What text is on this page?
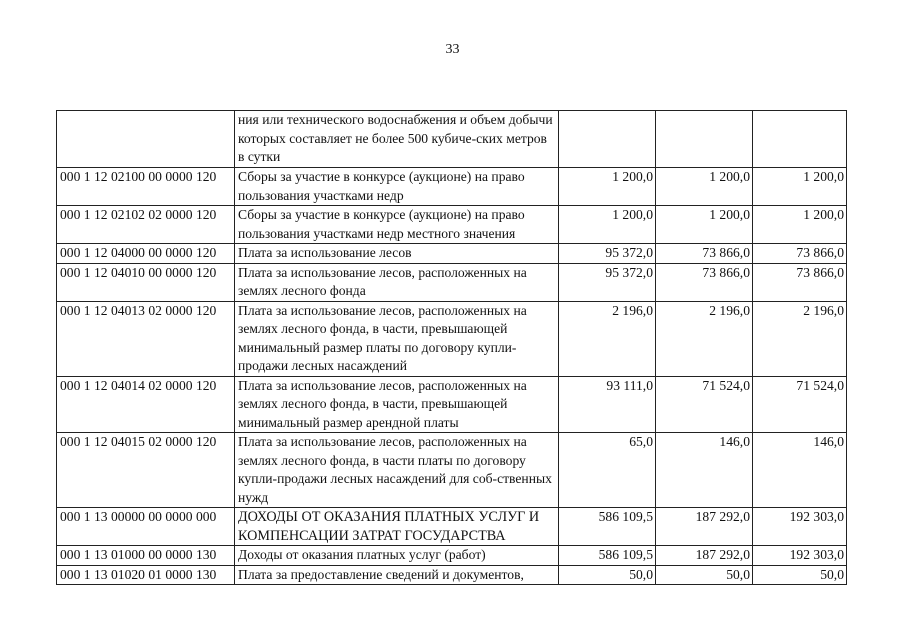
33
	ния или технического водоснабжения и объем добычи которых составляет не более 500 кубиче-ских метров в сутки			
000 1 12 02100 00 0000 120	Сборы за участие в конкурсе (аукционе) на право пользования участками недр	1 200,0	1 200,0	1 200,0
000 1 12 02102 02 0000 120	Сборы за участие в конкурсе (аукционе) на право пользования участками недр местного значения	1 200,0	1 200,0	1 200,0
000 1 12 04000 00 0000 120	Плата за использование лесов	95 372,0	73 866,0	73 866,0
000 1 12 04010 00 0000 120	Плата за использование лесов, расположенных на землях лесного фонда	95 372,0	73 866,0	73 866,0
000 1 12 04013 02 0000 120	Плата за использование лесов, расположенных на землях лесного фонда, в части, превышающей минимальный размер платы по договору купли-продажи лесных насаждений	2 196,0	2 196,0	2 196,0
000 1 12 04014 02 0000 120	Плата за использование лесов, расположенных на землях лесного фонда, в части, превышающей минимальный размер арендной платы	93 111,0	71 524,0	71 524,0
000 1 12 04015 02 0000 120	Плата за использование лесов, расположенных на землях лесного фонда, в части платы по договору купли-продажи лесных насаждений для соб-ственных нужд	65,0	146,0	146,0
000 1 13 00000 00 0000 000	ДОХОДЫ ОТ ОКАЗАНИЯ ПЛАТНЫХ УСЛУГ И КОМПЕНСАЦИИ ЗАТРАТ ГОСУДАРСТВА	586 109,5	187 292,0	192 303,0
000 1 13 01000 00 0000 130	Доходы от оказания платных услуг (работ)	586 109,5	187 292,0	192 303,0
000 1 13 01020 01 0000 130	Плата за предоставление сведений и документов,	50,0	50,0	50,0
